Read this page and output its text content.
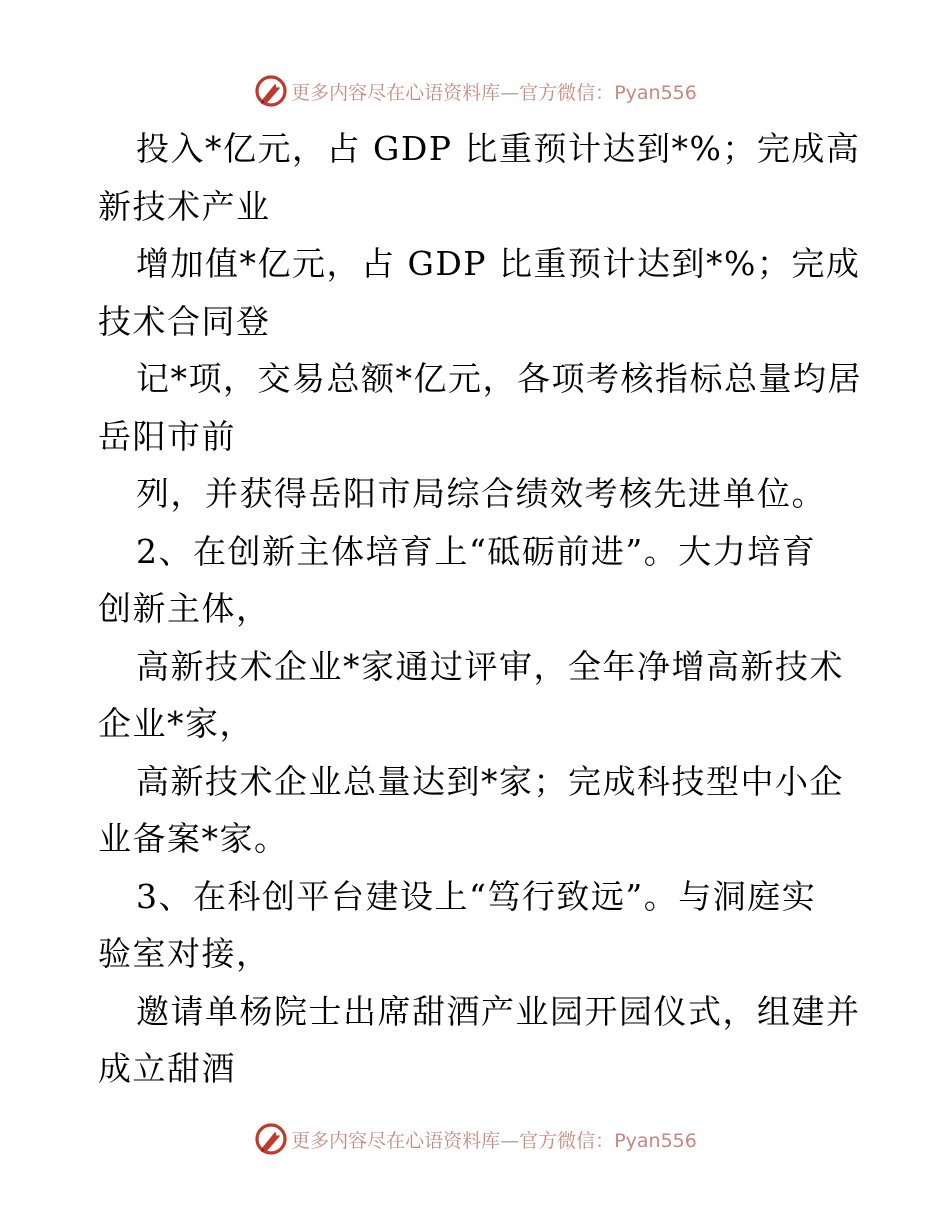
更多内容尽在心语资料库—官方微信：Pyan556
投入*亿元，占 GDP 比重预计达到*%；完成高
新技术产业
增加值*亿元，占 GDP 比重预计达到*%；完成
技术合同登
记*项，交易总额*亿元，各项考核指标总量均居
岳阳市前
列，并获得岳阳市局综合绩效考核先进单位。
2、在创新主体培育上“砥砺前进”。大力培育
创新主体，
高新技术企业*家通过评审，全年净增高新技术
企业*家，
高新技术企业总量达到*家；完成科技型中小企
业备案*家。
3、在科创平台建设上“笃行致远”。与洞庭实
验室对接，
邀请单杨院士出席甜酒产业园开园仪式，组建并
成立甜酒
更多内容尽在心语资料库—官方微信：Pyan556
